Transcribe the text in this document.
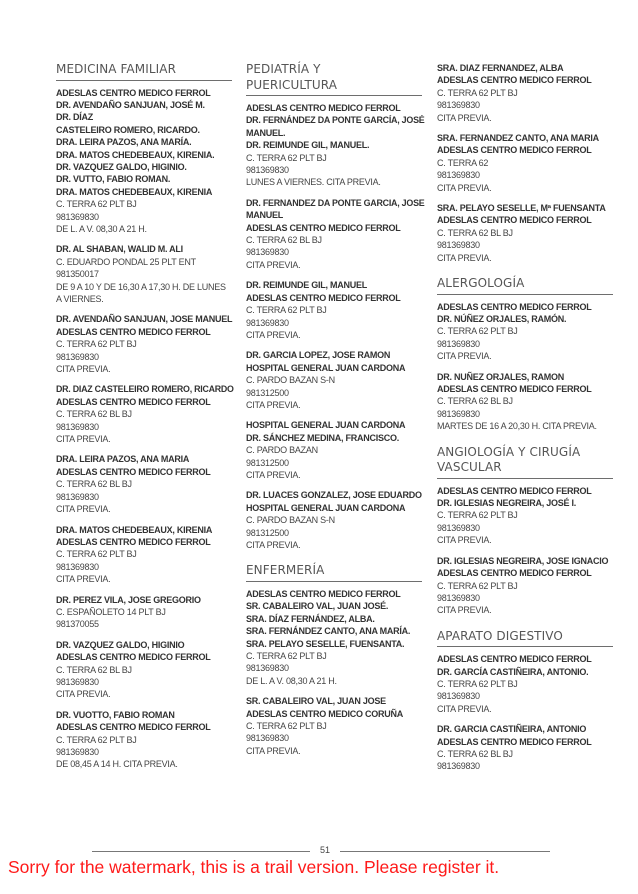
MEDICINA FAMILIAR
ADESLAS CENTRO MEDICO FERROL
DR. AVENDAÑO SANJUAN, JOSÉ M.
DR. DÍAZ
CASTELEIRO ROMERO, RICARDO.
DRA. LEIRA PAZOS, ANA MARÍA.
DRA. MATOS CHEDEBEAUX, KIRENIA.
DR. VAZQUEZ GALDO, HIGINIO.
DR. VUTTO, FABIO ROMAN.
DRA. MATOS CHEDEBEAUX, KIRENIA
C. TERRA 62 PLT BJ
981369830
DE L. A V. 08,30 A 21 H.
DR. AL SHABAN, WALID M. ALI
C. EDUARDO PONDAL 25 PLT ENT
981350017
DE 9 A 10 Y DE 16,30 A 17,30 H. DE LUNES
A VIERNES.
DR. AVENDAÑO SANJUAN, JOSE MANUEL
ADESLAS CENTRO MEDICO FERROL
C. TERRA 62 PLT BJ
981369830
CITA PREVIA.
DR. DIAZ CASTELEIRO ROMERO, RICARDO
ADESLAS CENTRO MEDICO FERROL
C. TERRA 62 BL BJ
981369830
CITA PREVIA.
DRA. LEIRA PAZOS, ANA MARIA
ADESLAS CENTRO MEDICO FERROL
C. TERRA 62 BL BJ
981369830
CITA PREVIA.
DRA. MATOS CHEDEBEAUX, KIRENIA
ADESLAS CENTRO MEDICO FERROL
C. TERRA 62 PLT BJ
981369830
CITA PREVIA.
DR. PEREZ VILA, JOSE GREGORIO
C. ESPAÑOLETO 14 PLT BJ
981370055
DR. VAZQUEZ GALDO, HIGINIO
ADESLAS CENTRO MEDICO FERROL
C. TERRA 62 BL BJ
981369830
CITA PREVIA.
DR. VUOTTO, FABIO ROMAN
ADESLAS CENTRO MEDICO FERROL
C. TERRA 62 PLT BJ
981369830
DE 08,45 A 14 H. CITA PREVIA.
PEDIATRÍA Y
PUERICULTURA
ADESLAS CENTRO MEDICO FERROL
DR. FERNÁNDEZ DA PONTE GARCÍA, JOSÉ
MANUEL.
DR. REIMUNDE GIL, MANUEL.
C. TERRA 62 PLT BJ
981369830
LUNES A VIERNES. CITA PREVIA.
DR. FERNANDEZ DA PONTE GARCIA, JOSE
MANUEL
ADESLAS CENTRO MEDICO FERROL
C. TERRA 62 BL BJ
981369830
CITA PREVIA.
DR. REIMUNDE GIL, MANUEL
ADESLAS CENTRO MEDICO FERROL
C. TERRA 62 PLT BJ
981369830
CITA PREVIA.
DR. GARCIA LOPEZ, JOSE RAMON
HOSPITAL GENERAL JUAN CARDONA
C. PARDO BAZAN S-N
981312500
CITA PREVIA.
HOSPITAL GENERAL JUAN CARDONA
DR. SÁNCHEZ MEDINA, FRANCISCO.
C. PARDO BAZAN
981312500
CITA PREVIA.
DR. LUACES GONZALEZ, JOSE EDUARDO
HOSPITAL GENERAL JUAN CARDONA
C. PARDO BAZAN S-N
981312500
CITA PREVIA.
ENFERMERÍA
ADESLAS CENTRO MEDICO FERROL
SR. CABALEIRO VAL, JUAN JOSÉ.
SRA. DÍAZ FERNÁNDEZ, ALBA.
SRA. FERNÁNDEZ CANTO, ANA MARÍA.
SRA. PELAYO SESELLE, FUENSANTA.
C. TERRA 62 PLT BJ
981369830
DE L. A V. 08,30 A 21 H.
SR. CABALEIRO VAL, JUAN JOSE
ADESLAS CENTRO MEDICO CORUÑA
C. TERRA 62 PLT BJ
981369830
CITA PREVIA.
SRA. DIAZ FERNANDEZ, ALBA
ADESLAS CENTRO MEDICO FERROL
C. TERRA 62 PLT BJ
981369830
CITA PREVIA.
SRA. FERNANDEZ CANTO, ANA MARIA
ADESLAS CENTRO MEDICO FERROL
C. TERRA 62
981369830
CITA PREVIA.
SRA. PELAYO SESELLE, Mª FUENSANTA
ADESLAS CENTRO MEDICO FERROL
C. TERRA 62 BL BJ
981369830
CITA PREVIA.
ALERGOLOGÍA
ADESLAS CENTRO MEDICO FERROL
DR. NÚÑEZ ORJALES, RAMÓN.
C. TERRA 62 PLT BJ
981369830
CITA PREVIA.
DR. NUÑEZ ORJALES, RAMON
ADESLAS CENTRO MEDICO FERROL
C. TERRA 62 BL BJ
981369830
MARTES DE 16 A 20,30 H. CITA PREVIA.
ANGIOLOGÍA Y CIRUGÍA
VASCULAR
ADESLAS CENTRO MEDICO FERROL
DR. IGLESIAS NEGREIRA, JOSÉ I.
C. TERRA 62 PLT BJ
981369830
CITA PREVIA.
DR. IGLESIAS NEGREIRA, JOSE IGNACIO
ADESLAS CENTRO MEDICO FERROL
C. TERRA 62 PLT BJ
981369830
CITA PREVIA.
APARATO DIGESTIVO
ADESLAS CENTRO MEDICO FERROL
DR. GARCÍA CASTIÑEIRA, ANTONIO.
C. TERRA 62 PLT BJ
981369830
CITA PREVIA.
DR. GARCIA CASTIÑEIRA, ANTONIO
ADESLAS CENTRO MEDICO FERROL
C. TERRA 62 BL BJ
981369830
51
Sorry for the watermark, this is a trail version. Please register it.
